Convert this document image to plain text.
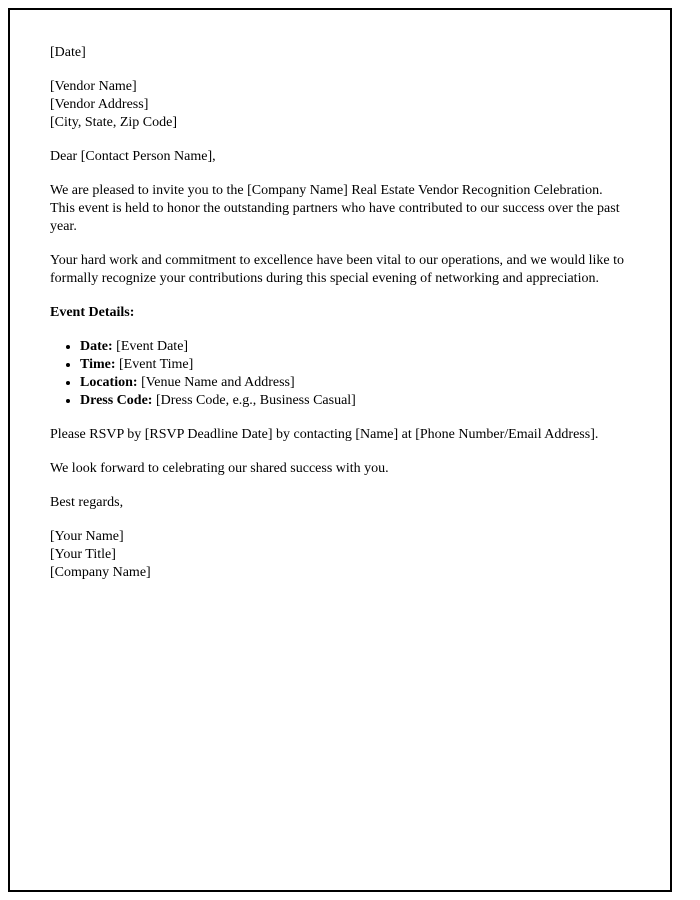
[Date]

[Vendor Name]
[Vendor Address]
[City, State, Zip Code]

Dear [Contact Person Name],

We are pleased to invite you to the [Company Name] Real Estate Vendor Recognition Celebration. This event is held to honor the outstanding partners who have contributed to our success over the past year.

Your hard work and commitment to excellence have been vital to our operations, and we would like to formally recognize your contributions during this special evening of networking and appreciation.

Event Details:

• Date: [Event Date]
• Time: [Event Time]
• Location: [Venue Name and Address]
• Dress Code: [Dress Code, e.g., Business Casual]

Please RSVP by [RSVP Deadline Date] by contacting [Name] at [Phone Number/Email Address].

We look forward to celebrating our shared success with you.

Best regards,

[Your Name]
[Your Title]
[Company Name]
